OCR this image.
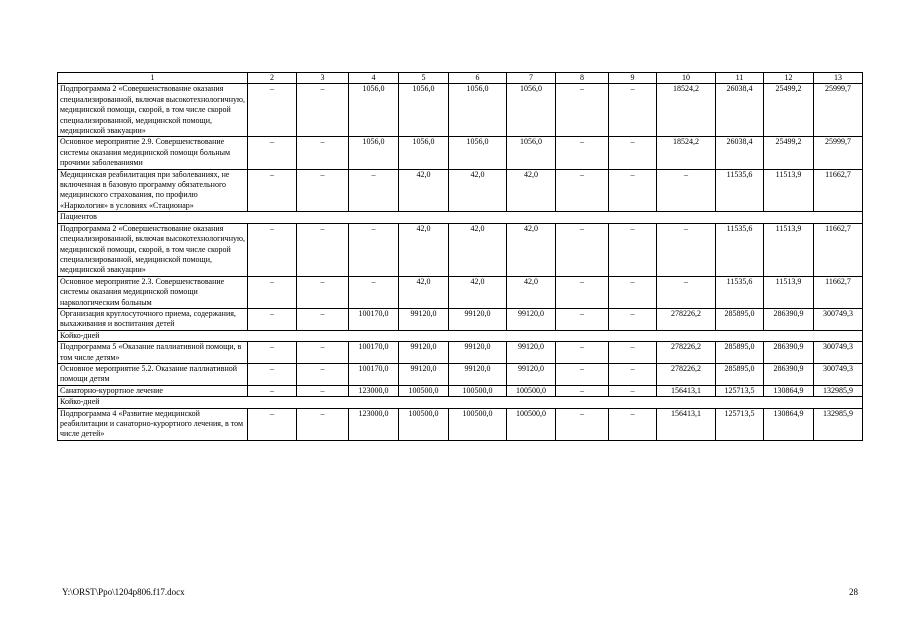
1	2	3	4	5	6	7	8	9	10	11	12	13
Подпрограмма 2 «Совершенствование оказания специализированной, включая высокотехнологичную, медицинской помощи, скорой, в том числе скорой специализированной, медицинской помощи, медицинской эвакуации»	–	–	1056,0	1056,0	1056,0	1056,0	–	–	18524,2	26038,4	25499,2	25999,7
Основное мероприятие 2.9. Совершенствование системы оказания медицинской помощи больным прочими заболеваниями	–	–	1056,0	1056,0	1056,0	1056,0	–	–	18524,2	26038,4	25499,2	25999,7
Медицинская реабилитация при заболеваниях, не включенная в базовую программу обязательного медицинского страхования, по профилю «Наркология» в условиях «Стационар»	–	–	–	42,0	42,0	42,0	–	–	–	11535,6	11513,9	11662,7
Пациентов												
Подпрограмма 2 «Совершенствование оказания специализированной, включая высокотехнологичную, медицинской помощи, скорой, в том числе скорой специализированной, медицинской помощи, медицинской эвакуации»	–	–	–	42,0	42,0	42,0	–	–	–	11535,6	11513,9	11662,7
Основное мероприятие 2.3. Совершенствование системы оказания медицинской помощи наркологическим больным	–	–	–	42,0	42,0	42,0	–	–	–	11535,6	11513,9	11662,7
Организация круглосуточного приема, содержания, выхаживания и воспитания детей	–	–	100170,0	99120,0	99120,0	99120,0	–	–	278226,2	285895,0	286390,9	300749,3
Койко-дней												
Подпрограмма 5 «Оказание паллиативной помощи, в том числе детям»	–	–	100170,0	99120,0	99120,0	99120,0	–	–	278226,2	285895,0	286390,9	300749,3
Основное мероприятие 5.2. Оказание паллиативной помощи детям	–	–	100170,0	99120,0	99120,0	99120,0	–	–	278226,2	285895,0	286390,9	300749,3
Санаторно-курортное лечение	–	–	123000,0	100500,0	100500,0	100500,0	–	–	156413,1	125713,5	130864,9	132985,9
Койко-дней												
Подпрограмма 4 «Развитие медицинской реабилитации и санаторно-курортного лечения, в том числе детей»	–	–	123000,0	100500,0	100500,0	100500,0	–	–	156413,1	125713,5	130864,9	132985,9
Y:\ORST\Ppo\1204p806.f17.docx	28
